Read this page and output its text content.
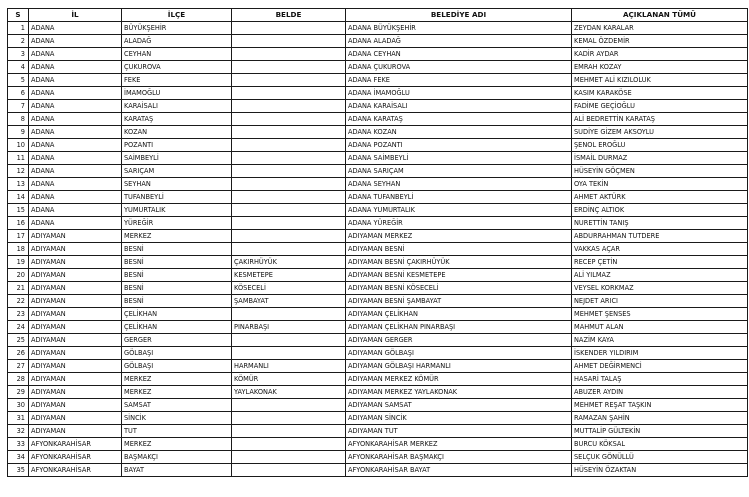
S	İL	İLÇE	BELDE	BELEDİYE ADI	AÇIKLANAN TÜMÜ
1	ADANA	BÜYÜKŞEHİR		ADANA BÜYÜKŞEHİR	ZEYDAN KARALAR
2	ADANA	ALADAĞ		ADANA ALADAĞ	KEMAL ÖZDEMİR
3	ADANA	CEYHAN		ADANA CEYHAN	KADİR AYDAR
4	ADANA	ÇUKUROVA		ADANA ÇUKUROVA	EMRAH KOZAY
5	ADANA	FEKE		ADANA FEKE	MEHMET ALİ KIZILOLUK
6	ADANA	İMAMOĞLU		ADANA İMAMOĞLU	KASIM KARAKÖSE
7	ADANA	KARAİSALI		ADANA KARAİSALI	FADİME GEÇİOĞLU
8	ADANA	KARATAŞ		ADANA KARATAŞ	ALİ BEDRETTİN KARATAŞ
9	ADANA	KOZAN		ADANA KOZAN	SUDİYE GİZEM AKSOYLU
10	ADANA	POZANTI		ADANA POZANTI	ŞENOL EROĞLU
11	ADANA	SAİMBEYLİ		ADANA SAİMBEYLİ	İSMAİL DURMAZ
12	ADANA	SARIÇAM		ADANA SARIÇAM	HÜSEYİN GÖÇMEN
13	ADANA	SEYHAN		ADANA SEYHAN	OYA TEKİN
14	ADANA	TUFANBEYLİ		ADANA TUFANBEYLİ	AHMET AKTÜRK
15	ADANA	YUMURTALIK		ADANA YUMURTALIK	ERDİNÇ ALTIOK
16	ADANA	YÜREĞİR		ADANA YÜREĞİR	NURETTİN TANIŞ
17	ADIYAMAN	MERKEZ		ADIYAMAN MERKEZ	ABDURRAHMAN TUTDERE
18	ADIYAMAN	BESNİ		ADIYAMAN BESNİ	VAKKAS AÇAR
19	ADIYAMAN	BESNİ	ÇAKIRHÜYÜK	ADIYAMAN BESNİ ÇAKIRHÜYÜK	RECEP ÇETİN
20	ADIYAMAN	BESNİ	KESMETEPE	ADIYAMAN BESNİ KESMETEPE	ALİ YILMAZ
21	ADIYAMAN	BESNİ	KÖSECELİ	ADIYAMAN BESNİ KÖSECELİ	VEYSEL KORKMAZ
22	ADIYAMAN	BESNİ	ŞAMBAYAT	ADIYAMAN BESNİ ŞAMBAYAT	NEJDET ARICI
23	ADIYAMAN	ÇELİKHAN		ADIYAMAN ÇELİKHAN	MEHMET ŞENSES
24	ADIYAMAN	ÇELİKHAN	PINARBAŞI	ADIYAMAN ÇELİKHAN PINARBAŞI	MAHMUT ALAN
25	ADIYAMAN	GERGER		ADIYAMAN GERGER	NAZİM KAYA
26	ADIYAMAN	GÖLBAŞI		ADIYAMAN GÖLBAŞI	İSKENDER YILDIRIM
27	ADIYAMAN	GÖLBAŞI	HARMANLI	ADIYAMAN GÖLBAŞI HARMANLI	AHMET DEĞİRMENCİ
28	ADIYAMAN	MERKEZ	KÖMÜR	ADIYAMAN MERKEZ KÖMÜR	HASARİ TALAŞ
29	ADIYAMAN	MERKEZ	YAYLAKONAK	ADIYAMAN MERKEZ YAYLAKONAK	ABUZER AYDIN
30	ADIYAMAN	SAMSAT		ADIYAMAN SAMSAT	MEHMET REŞAT TAŞKIN
31	ADIYAMAN	SİNCİK		ADIYAMAN SİNCİK	RAMAZAN ŞAHİN
32	ADIYAMAN	TUT		ADIYAMAN TUT	MUTTALİP GÜLTEKİN
33	AFYONKARAHİSAR	MERKEZ		AFYONKARAHİSAR MERKEZ	BURCU KÖKSAL
34	AFYONKARAHİSAR	BAŞMAKÇI		AFYONKARAHİSAR BAŞMAKÇI	SELÇUK GÖNÜLLÜ
35	AFYONKARAHİSAR	BAYAT		AFYONKARAHİSAR BAYAT	HÜSEYİN ÖZAKTAN
